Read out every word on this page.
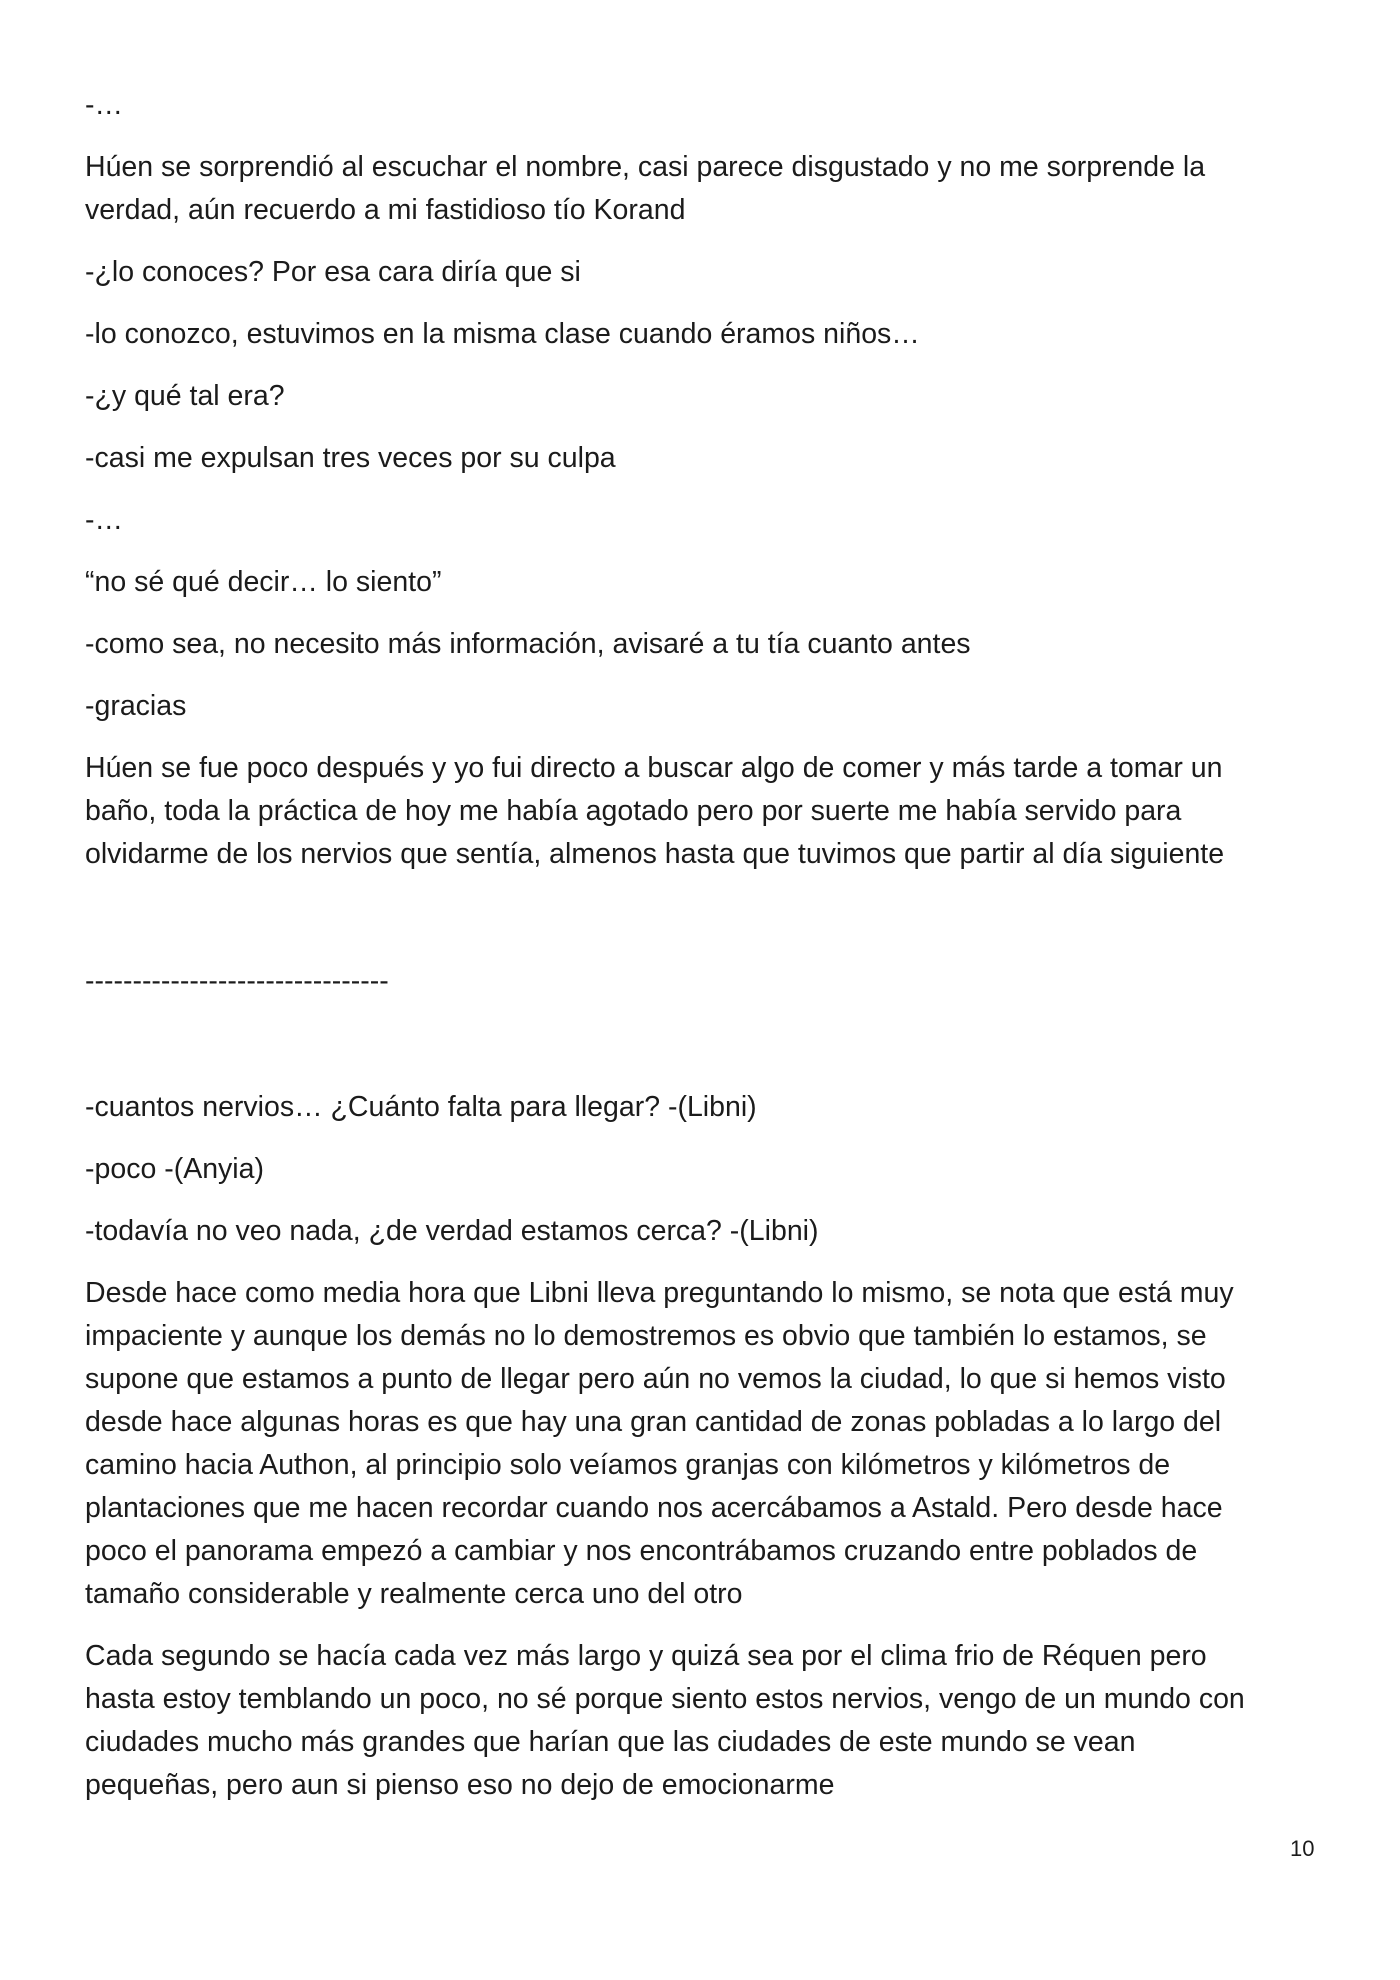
-…

Húen se sorprendió al escuchar el nombre, casi parece disgustado y no me sorprende la

verdad, aún recuerdo a mi fastidioso tío Korand

-¿lo conoces? Por esa cara diría que si

-lo conozco, estuvimos en la misma clase cuando éramos niños…

-¿y qué tal era?

-casi me expulsan tres veces por su culpa

-…

“no sé qué decir… lo siento”

-como sea, no necesito más información, avisaré a tu tía cuanto antes

-gracias

Húen se fue poco después y yo fui directo a buscar algo de comer y más tarde a tomar un

baño, toda la práctica de hoy me había agotado pero por suerte me había servido para

olvidarme de los nervios que sentía, almenos hasta que tuvimos que partir al día siguiente

--------------------------------

-cuantos nervios… ¿Cuánto falta para llegar? -(Libni)

-poco -(Anyia)

-todavía no veo nada, ¿de verdad estamos cerca? -(Libni)

Desde hace como media hora que Libni lleva preguntando lo mismo, se nota que está muy

impaciente y aunque los demás no lo demostremos es obvio que también lo estamos, se

supone que estamos a punto de llegar pero aún no vemos la ciudad, lo que si hemos visto

desde hace algunas horas es que hay una gran cantidad de zonas pobladas a lo largo del

camino hacia Authon, al principio solo veíamos granjas con kilómetros y kilómetros de

plantaciones que me hacen recordar cuando nos acercábamos a Astald. Pero desde hace

poco el panorama empezó a cambiar y nos encontrábamos cruzando entre poblados de

tamaño considerable y realmente cerca uno del otro

Cada segundo se hacía cada vez más largo y quizá sea por el clima frio de Réquen pero

hasta estoy temblando un poco, no sé porque siento estos nervios, vengo de un mundo con

ciudades mucho más grandes que harían que las ciudades de este mundo se vean

pequeñas, pero aun si pienso eso no dejo de emocionarme

10
